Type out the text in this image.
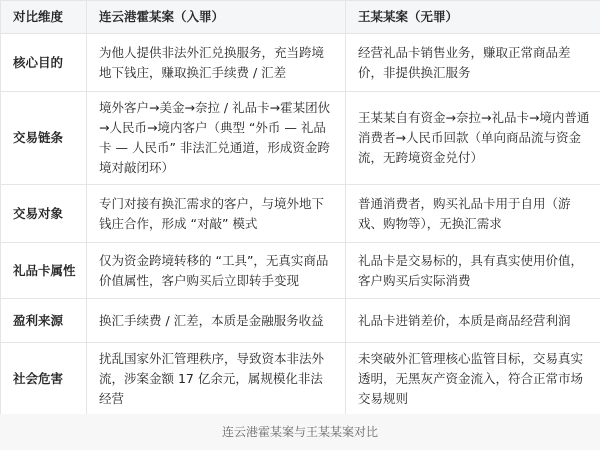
对比维度	连云港霍某案（入罪）	王某某案（无罪）
核心目的	为他人提供非法外汇兑换服务，充当跨境地下钱庄，赚取换汇手续费 / 汇差	经营礼品卡销售业务，赚取正常商品差价，非提供换汇服务
交易链条	境外客户→美金→奈拉 / 礼品卡→霍某团伙→人民币→境内客户（典型 “外币 — 礼品卡 — 人民币” 非法汇兑通道，形成资金跨境对敲闭环）	王某某自有资金→奈拉→礼品卡→境内普通消费者→人民币回款（单向商品流与资金流，无跨境资金兑付）
交易对象	专门对接有换汇需求的客户，与境外地下钱庄合作，形成 “对敲” 模式	普通消费者，购买礼品卡用于自用（游戏、购物等），无换汇需求
礼品卡属性	仅为资金跨境转移的 “工具”，无真实商品价值属性，客户购买后立即转手变现	礼品卡是交易标的，具有真实使用价值，客户购买后实际消费
盈利来源	换汇手续费 / 汇差，本质是金融服务收益	礼品卡进销差价，本质是商品经营利润
社会危害	扰乱国家外汇管理秩序，导致资本非法外流，涉案金额 17 亿余元，属规模化非法经营	未突破外汇管理核心监管目标，交易真实透明，无黑灰产资金流入，符合正常市场交易规则
连云港霍某案与王某某案对比
